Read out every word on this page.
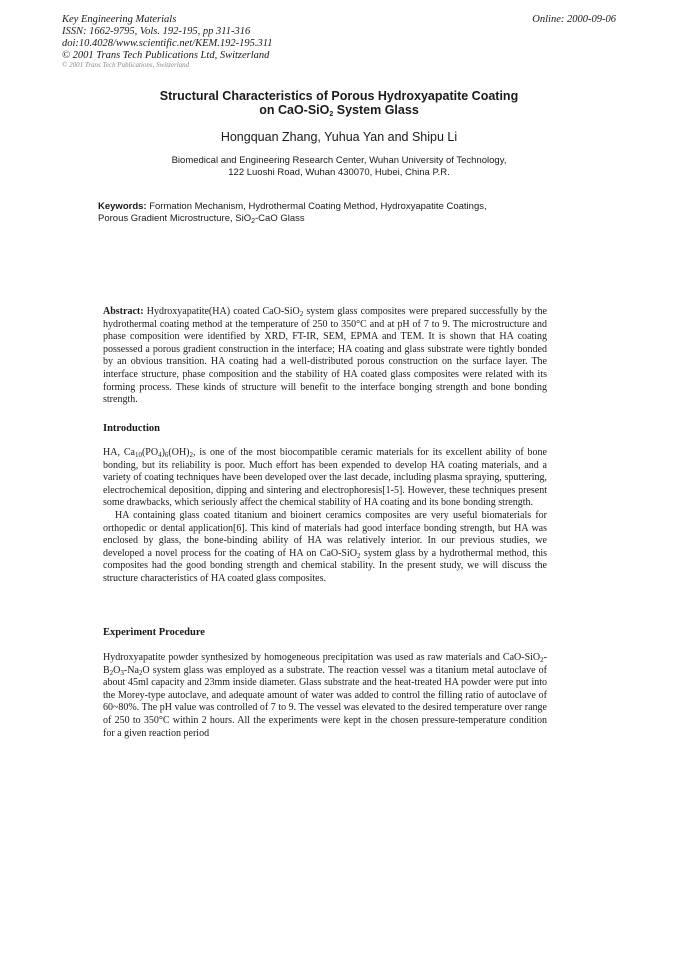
Key Engineering Materials
ISSN: 1662-9795, Vols. 192-195, pp 311-316
doi:10.4028/www.scientific.net/KEM.192-195.311
© 2001 Trans Tech Publications Ltd, Switzerland
© 2001 Trans Tech Publications, Switzerland
Online: 2000-09-06
Structural Characteristics of Porous Hydroxyapatite Coating
on CaO-SiO$_2$ System Glass
Hongquan Zhang, Yuhua Yan and Shipu Li
Biomedical and Engineering Research Center, Wuhan University of Technology,
122 Luoshi Road, Wuhan 430070, Hubei, China P.R.
Keywords: Formation Mechanism, Hydrothermal Coating Method, Hydroxyapatite Coatings,
Porous Gradient Microstructure, SiO$_2$-CaO Glass

Abstract: Hydroxyapatite(HA) coated CaO-SiO$_2$ system glass composites were prepared successfully by the hydrothermal coating method at the temperature of 250 to 350°C and at pH of 7 to 9. The microstructure and phase composition were identified by XRD, FT-IR, SEM, EPMA and TEM. It is shown that HA coating possessed a porous gradient construction in the interface; HA coating and glass substrate were tightly bonded by an obvious transition. HA coating had a well-distributed porous construction on the surface layer. The interface structure, phase composition and the stability of HA coated glass composites were related with its forming process. These kinds of structure will benefit to the interface bonging strength and bone bonding strength.

Introduction

HA, $Ca_{10}(PO_4)_6(OH)_2$, is one of the most biocompatible ceramic materials for its excellent ability of bone bonding, but its reliability is poor. Much effort has been expended to develop HA coating materials, and a variety of coating techniques have been developed over the last decade, including plasma spraying, sputtering, electrochemical deposition, dipping and sintering and electrophoresis[1-5]. However, these techniques present some drawbacks, which seriously affect the chemical stability of HA coating and its bone bonding strength.

HA containing glass coated titanium and bioinert ceramics composites are very useful biomaterials for orthopedic or dental application[6]. This kind of materials had good interface bonding strength, but HA was enclosed by glass, the bone-binding ability of HA was relatively interior. In our previous studies, we developed a novel process for the coating of HA on CaO-SiO$_2$ system glass by a hydrothermal method, this composites had the good bonding strength and chemical stability. In the present study, we will discuss the structure characteristics of HA coated glass composites.

Experiment Procedure

Hydroxyapatite powder synthesized by homogeneous precipitation was used as raw materials and CaO-$SiO_2-B_2O_3-Na_2O$ system glass was employed as a substrate. The reaction vessel was a titanium metal autoclave of about 45ml capacity and 23mm inside diameter. Glass substrate and the heat-treated HA powder were put into the Morey-type autoclave, and adequate amount of water was added to control the filling ratio of autoclave of 60~80%. The pH value was controlled of 7 to 9. The vessel was elevated to the desired temperature over range of 250 to 350°C within 2 hours. All the experiments were kept in the chosen pressure-temperature condition for a given reaction period
